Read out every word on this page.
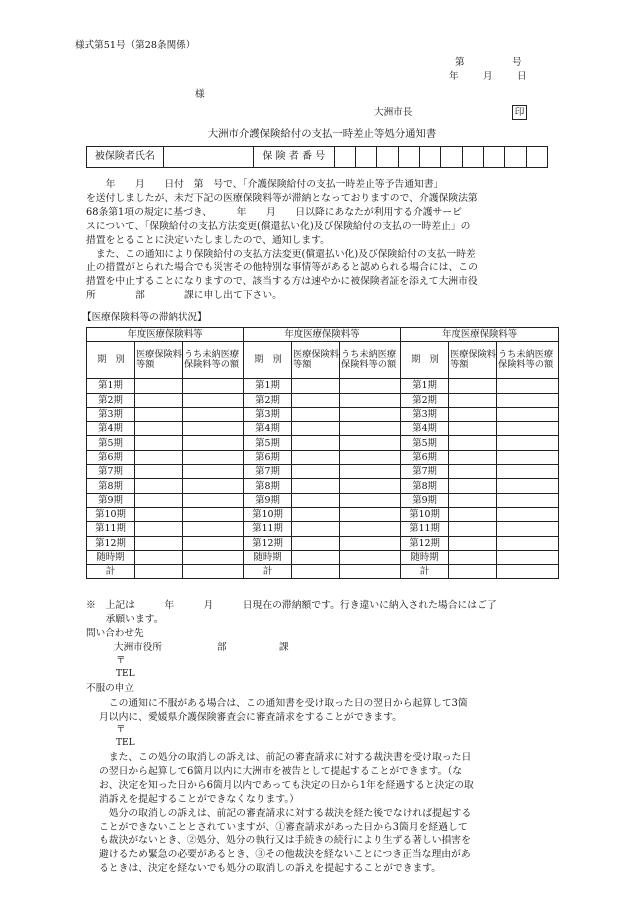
様式第51号（第28条関係）
第	号
年	月	日
様
大洲市長	印
大洲市介護保険給付の支払一時差止等処分通知書
被保険者氏名		保 険 者 番 号										
　　年　　月　　日付　第　号で、「介護保険給付の支払一時差止等予告通知書」
を送付しましたが、未だ下記の医療保険料等が滞納となっておりますので、介護保険法第
68条第1項の規定に基づき、　　　年　　月　　日以降にあなたが利用する介護サービ
スについて、「保険給付の支払方法変更(償還払い化)及び保険給付の支払の一時差止」の
措置をとることに決定いたしましたので、通知します。
　また、この通知により保険給付の支払方法変更(償還払い化)及び保険給付の支払一時差
止の措置がとられた場合でも災害その他特別な事情等があると認められる場合には、この
措置を中止することになりますので、該当する方は速やかに被保険者証を添えて大洲市役
所　　　　部　　　　課に申し出て下さい。
【医療保険料等の滞納状況】
年度医療保険料等			年度医療保険料等			年度医療保険料等		
期　別	医療保険料等額	うち未納医療保険料等の額	期　別	医療保険料等額	うち未納医療保険料等の額	期　別	医療保険料等額	うち未納医療保険料等の額
第1期			第1期			第1期		
第2期			第2期			第2期		
第3期			第3期			第3期		
第4期			第4期			第4期		
第5期			第5期			第5期		
第6期			第6期			第6期		
第7期			第7期			第7期		
第8期			第8期			第8期		
第9期			第9期			第9期		
第10期			第10期			第10期		
第11期			第11期			第11期		
第12期			第12期			第12期		
随時期			随時期			随時期		
計			計			計		
※　上記は　　　年　　　月　　　日現在の滞納額です。行き違いに納入された場合にはご了
　　承願います。
問い合わせ先
大洲市役所	部	課
〒
TEL
不服の申立
　この通知に不服がある場合は、この通知書を受け取った日の翌日から起算して3箇
月以内に、愛媛県介護保険審査会に審査請求をすることができます。
〒
TEL
　また、この処分の取消しの訴えは、前記の審査請求に対する裁決書を受け取った日
の翌日から起算して6箇月以内に大洲市を被告として提起することができます。（な
お、決定を知った日から6箇月以内であっても決定の日から1年を経過すると決定の取
消訴えを提起することができなくなります。）
　処分の取消しの訴えは、前記の審査請求に対する裁決を経た後でなければ提起する
ことができないこととされていますが、①審査請求があった日から3箇月を経過して
も裁決がないとき、②処分、処分の執行又は手続きの続行により生ずる著しい損害を
避けるため緊急の必要があるとき、③その他裁決を経ないことにつき正当な理由があ
るときは、決定を経ないでも処分の取消しの訴えを提起することができます。
